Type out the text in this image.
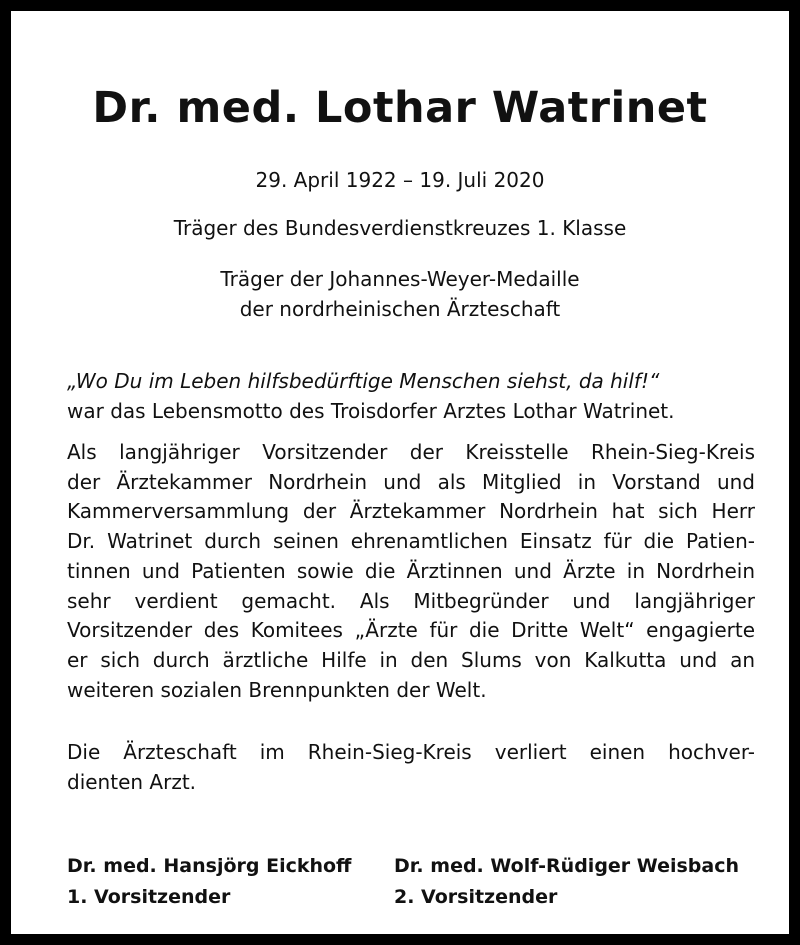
Dr. med. Lothar Watrinet
29. April 1922 – 19. Juli 2020
Träger des Bundesverdienstkreuzes 1. Klasse
Träger der Johannes-Weyer-Medaille
der nordrheinischen Ärzteschaft
„Wo Du im Leben hilfsbedürftige Menschen siehst, da hilf!“
war das Lebensmotto des Troisdorfer Arztes Lothar Watrinet.
Als langjähriger Vorsitzender der Kreisstelle Rhein-Sieg-Kreis
der Ärztekammer Nordrhein und als Mitglied in Vorstand und
Kammerversammlung der Ärztekammer Nordrhein hat sich Herr
Dr. Watrinet durch seinen ehrenamtlichen Einsatz für die Patien-
tinnen und Patienten sowie die Ärztinnen und Ärzte in Nordrhein
sehr verdient gemacht. Als Mitbegründer und langjähriger
Vorsitzender des Komitees „Ärzte für die Dritte Welt“ engagierte
er sich durch ärztliche Hilfe in den Slums von Kalkutta und an
weiteren sozialen Brennpunkten der Welt.
Die Ärzteschaft im Rhein-Sieg-Kreis verliert einen hochver-
dienten Arzt.
Dr. med. Hansjörg Eickhoff
1. Vorsitzender
Dr. med. Wolf-Rüdiger Weisbach
2. Vorsitzender
